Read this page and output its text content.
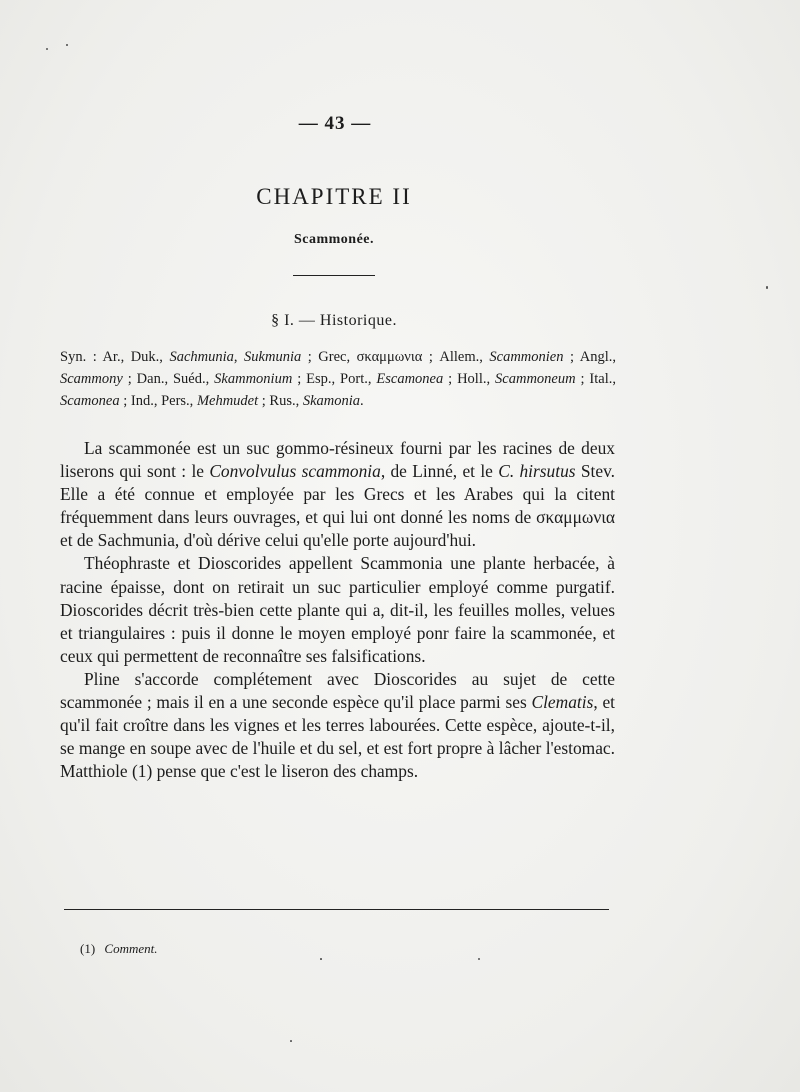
— 43 —
CHAPITRE II
Scammonée.
§ I. — Historique.
Syn. : Ar., Duk., Sachmunia, Sukmunia ; Grec, σκαμμωνια ; Allem., Scammonien ; Angl., Scammony ; Dan., Suéd., Skammonium ; Esp., Port., Escamonea ; Holl., Scammoneum ; Ital., Scamonea ; Ind., Pers., Mehmudet ; Rus., Skamonia.

La scammonée est un suc gommo-résineux fourni par les racines de deux liserons qui sont : le Convolvulus scammonia, de Linné, et le C. hirsutus Stev. Elle a été connue et employée par les Grecs et les Arabes qui la citent fréquemment dans leurs ouvrages, et qui lui ont donné les noms de σκαμμωνια et de Sachmunia, d'où dérive celui qu'elle porte aujourd'hui.

Théophraste et Dioscorides appellent Scammonia une plante herbacée, à racine épaisse, dont on retirait un suc particulier employé comme purgatif. Dioscorides décrit très-bien cette plante qui a, dit-il, les feuilles molles, velues et triangulaires : puis il donne le moyen employé ponr faire la scammonée, et ceux qui permettent de reconnaître ses falsifications.

Pline s'accorde complétement avec Dioscorides au sujet de cette scammonée ; mais il en a une seconde espèce qu'il place parmi ses Clematis, et qu'il fait croître dans les vignes et les terres labourées. Cette espèce, ajoute-t-il, se mange en soupe avec de l'huile et du sel, et est fort propre à lâcher l'estomac. Matthiole (1) pense que c'est le liseron des champs.

(1) Comment.
